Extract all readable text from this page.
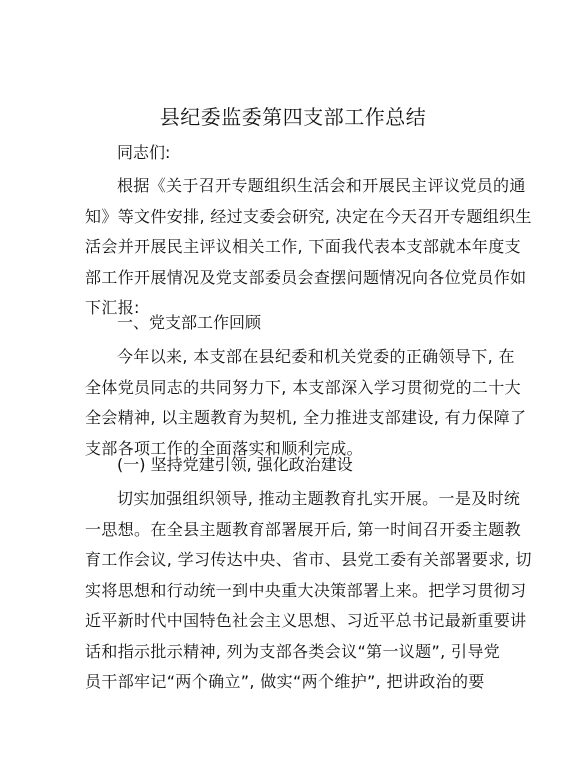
县纪委监委第四支部工作总结
同志们:
根据《关于召开专题组织生活会和开展民主评议党员的通
知》等文件安排, 经过支委会研究, 决定在今天召开专题组织生
活会并开展民主评议相关工作, 下面我代表本支部就本年度支
部工作开展情况及党支部委员会查摆问题情况向各位党员作如
下汇报:
一、党支部工作回顾
今年以来, 本支部在县纪委和机关党委的正确领导下, 在
全体党员同志的共同努力下, 本支部深入学习贯彻党的二十大
全会精神, 以主题教育为契机, 全力推进支部建设, 有力保障了
支部各项工作的全面落实和顺利完成。
(一) 坚持党建引领, 强化政治建设
切实加强组织领导, 推动主题教育扎实开展。一是及时统
一思想。在全县主题教育部署展开后, 第一时间召开委主题教
育工作会议, 学习传达中央、省市、县党工委有关部署要求, 切
实将思想和行动统一到中央重大决策部署上来。把学习贯彻习
近平新时代中国特色社会主义思想、习近平总书记最新重要讲
话和指示批示精神, 列为支部各类会议“第一议题”, 引导党
员干部牢记“两个确立”, 做实“两个维护”, 把讲政治的要
